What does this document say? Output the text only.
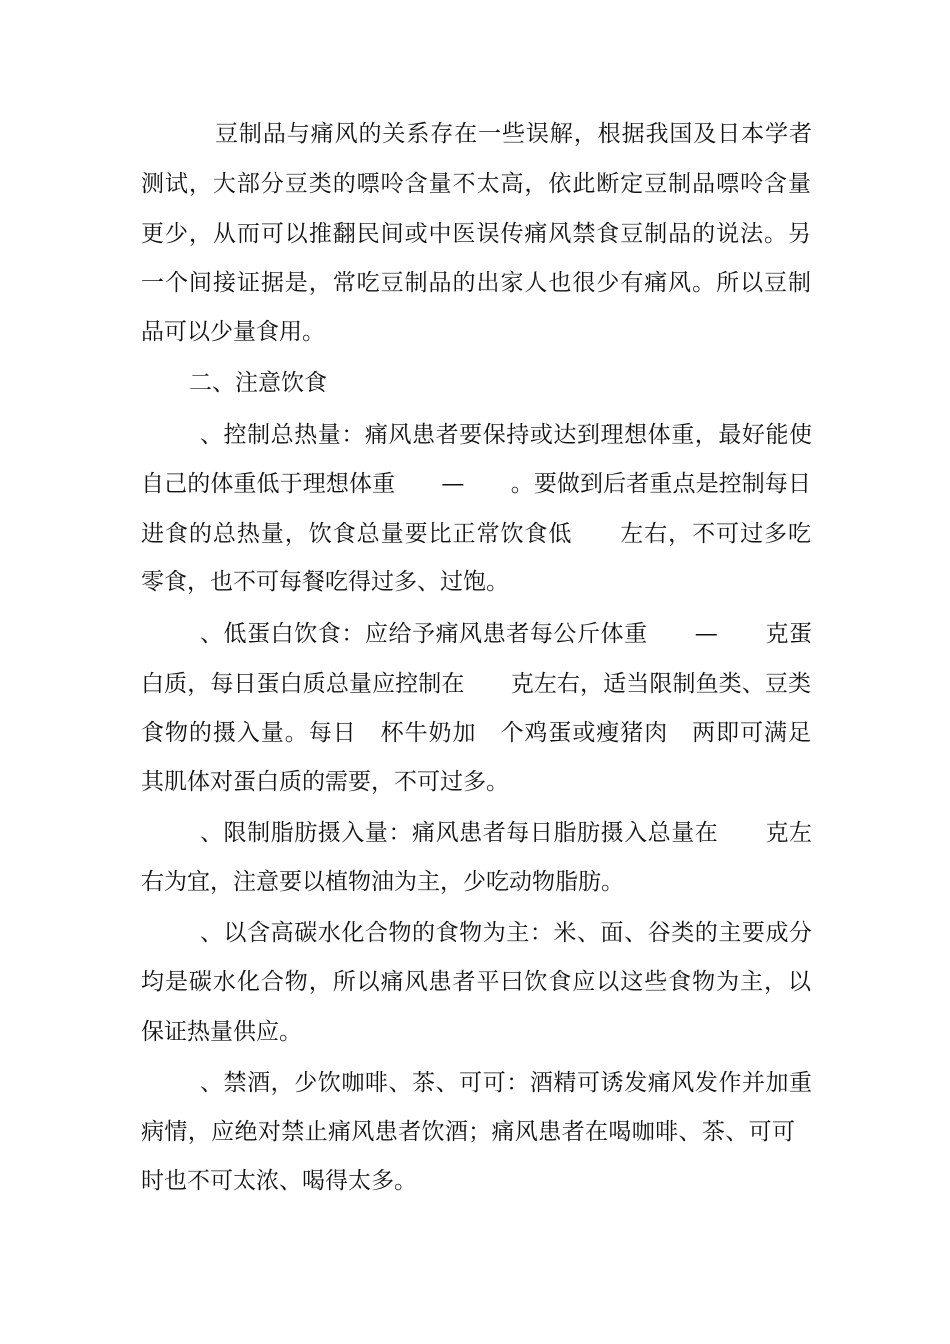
豆制品与痛风的关系存在一些误解，根据我国及日本学者

测试，大部分豆类的嘌呤含量不太高，依此断定豆制品嘌呤含量

更少，从而可以推翻民间或中医误传痛风禁食豆制品的说法。另

一个间接证据是，常吃豆制品的出家人也很少有痛风。所以豆制

品可以少量食用。

二、注意饮食

、控制总热量：痛风患者要保持或达到理想体重，最好能使

自己的体重低于理想体重　　—　　。要做到后者重点是控制每日

进食的总热量，饮食总量要比正常饮食低　　左右，不可过多吃

零食，也不可每餐吃得过多、过饱。

、低蛋白饮食：应给予痛风患者每公斤体重　　—　　克蛋

白质，每日蛋白质总量应控制在　　克左右，适当限制鱼类、豆类

食物的摄入量。每日　杯牛奶加　个鸡蛋或瘦猪肉　两即可满足

其肌体对蛋白质的需要，不可过多。

、限制脂肪摄入量：痛风患者每日脂肪摄入总量在　　克左

右为宜，注意要以植物油为主，少吃动物脂肪。

、以含高碳水化合物的食物为主：米、面、谷类的主要成分

均是碳水化合物，所以痛风患者平曰饮食应以这些食物为主，以

保证热量供应。

、禁酒，少饮咖啡、茶、可可：酒精可诱发痛风发作并加重

病情，应绝对禁止痛风患者饮酒；痛风患者在喝咖啡、茶、可可

时也不可太浓、喝得太多。
